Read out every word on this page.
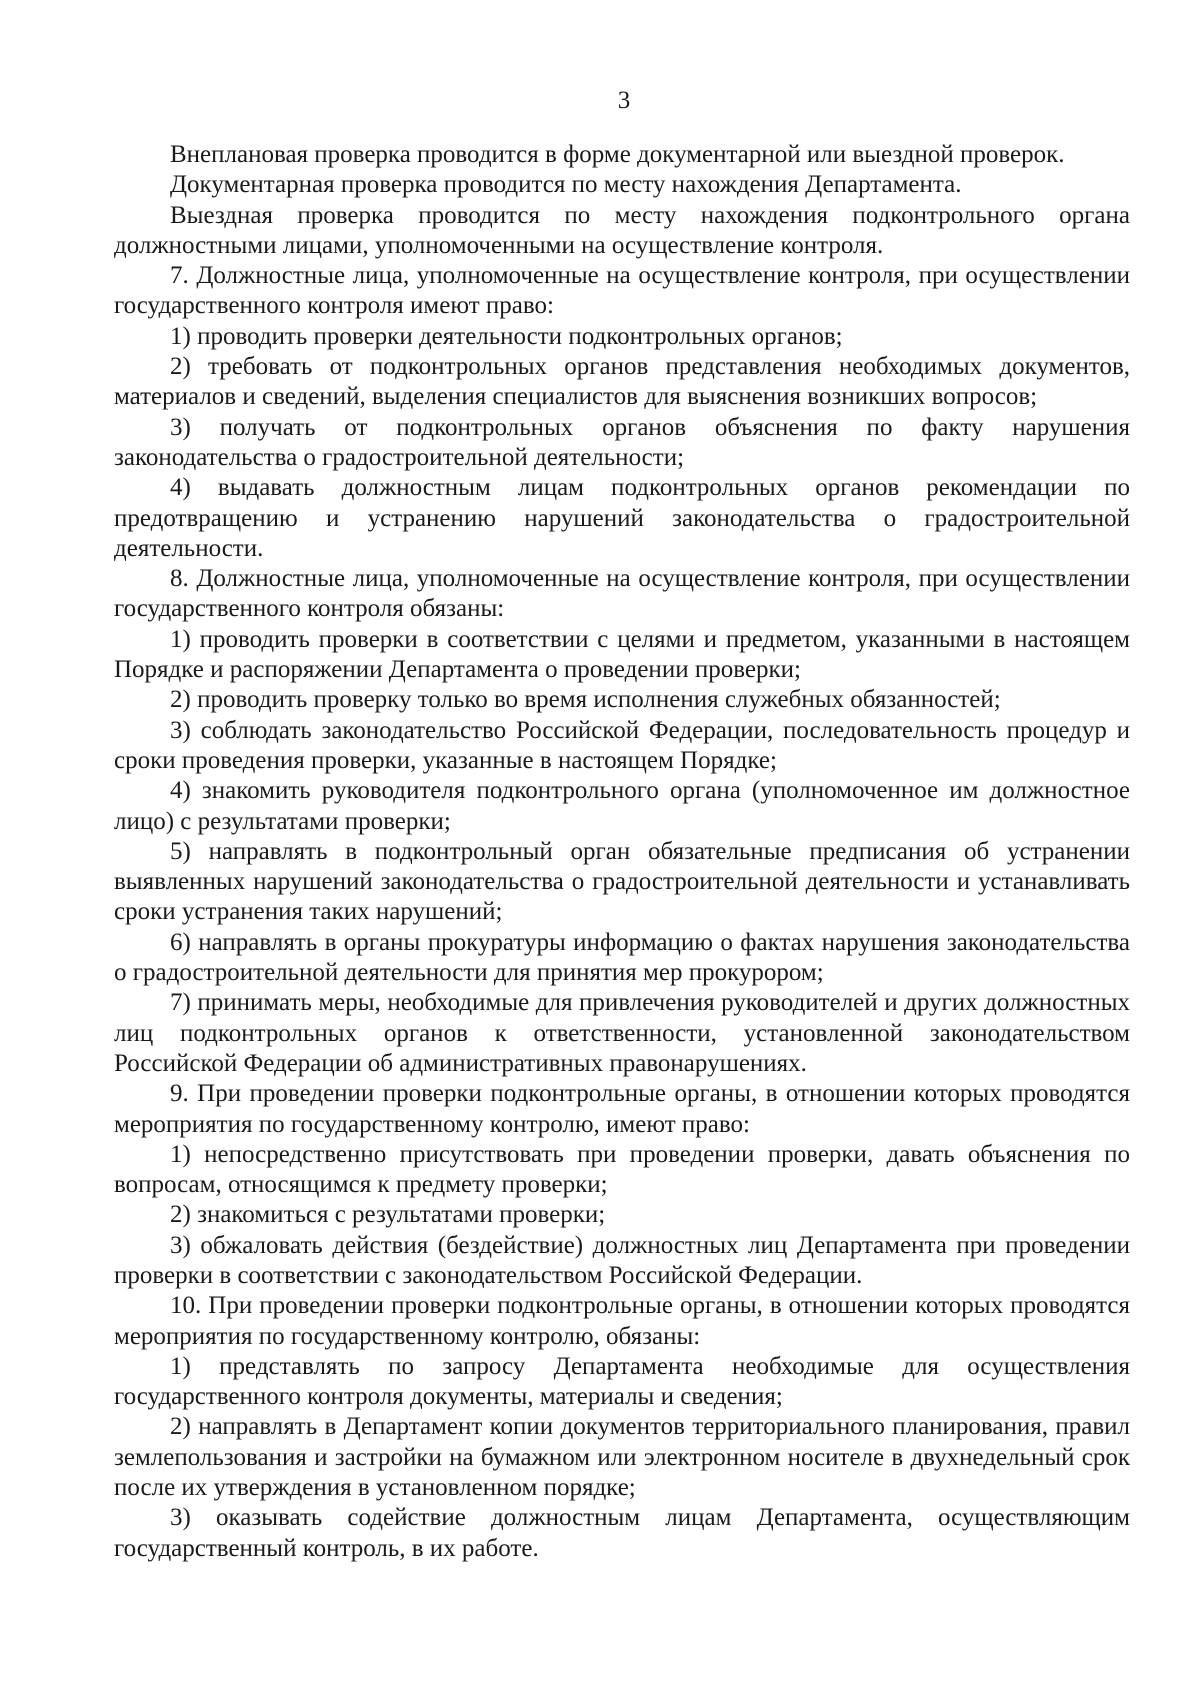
3

Внеплановая проверка проводится в форме документарной или выездной проверок.

Документарная проверка проводится по месту нахождения Департамента.

Выездная проверка проводится по месту нахождения подконтрольного органа должностными лицами, уполномоченными на осуществление контроля.

7. Должностные лица, уполномоченные на осуществление контроля, при осуществлении государственного контроля имеют право:

1) проводить проверки деятельности подконтрольных органов;

2) требовать от подконтрольных органов представления необходимых документов, материалов и сведений, выделения специалистов для выяснения возникших вопросов;

3) получать от подконтрольных органов объяснения по факту нарушения законодательства о градостроительной деятельности;

4) выдавать должностным лицам подконтрольных органов рекомендации по предотвращению и устранению нарушений законодательства о градостроительной деятельности.

8. Должностные лица, уполномоченные на осуществление контроля, при осуществлении государственного контроля обязаны:

1) проводить проверки в соответствии с целями и предметом, указанными в настоящем Порядке и распоряжении Департамента о проведении проверки;

2) проводить проверку только во время исполнения служебных обязанностей;

3) соблюдать законодательство Российской Федерации, последовательность процедур и сроки проведения проверки, указанные в настоящем Порядке;

4) знакомить руководителя подконтрольного органа (уполномоченное им должностное лицо) с результатами проверки;

5) направлять в подконтрольный орган обязательные предписания об устранении выявленных нарушений законодательства о градостроительной деятельности и устанавливать сроки устранения таких нарушений;

6) направлять в органы прокуратуры информацию о фактах нарушения законодательства о градостроительной деятельности для принятия мер прокурором;

7) принимать меры, необходимые для привлечения руководителей и других должностных лиц подконтрольных органов к ответственности, установленной законодательством Российской Федерации об административных правонарушениях.

9. При проведении проверки подконтрольные органы, в отношении которых проводятся мероприятия по государственному контролю, имеют право:

1) непосредственно присутствовать при проведении проверки, давать объяснения по вопросам, относящимся к предмету проверки;

2) знакомиться с результатами проверки;

3) обжаловать действия (бездействие) должностных лиц Департамента при проведении проверки в соответствии с законодательством Российской Федерации.

10. При проведении проверки подконтрольные органы, в отношении которых проводятся мероприятия по государственному контролю, обязаны:

1) представлять по запросу Департамента необходимые для осуществления государственного контроля документы, материалы и сведения;

2) направлять в Департамент копии документов территориального планирования, правил землепользования и застройки на бумажном или электронном носителе в двухнедельный срок после их утверждения в установленном порядке;

3) оказывать содействие должностным лицам Департамента, осуществляющим государственный контроль, в их работе.
